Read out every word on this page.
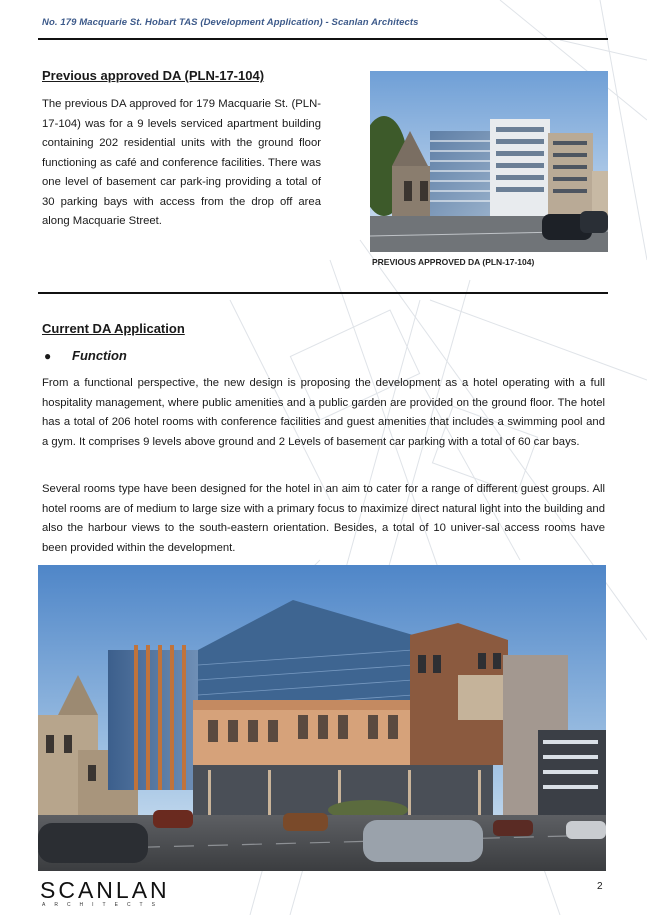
No. 179 Macquarie St. Hobart TAS (Development Application) - Scanlan Architects
Previous approved DA (PLN-17-104)
The previous DA approved for 179 Macquarie St. (PLN-17-104) was for a 9 levels serviced apartment building containing 202 residential units with the ground floor functioning as café and conference facilities. There was one level of basement car park-ing providing a total of 30 parking bays with access from the drop off area along Macquarie Street.
PREVIOUS APPROVED DA (PLN-17-104)
Current DA Application
●	Function
From a functional perspective, the new design is proposing the development as a hotel operating with a full hospitality management, where public amenities and a public garden are provided on the ground floor. The hotel has a total of 206 hotel rooms with conference facilities and guest amenities that includes a swimming pool and a gym. It comprises 9 levels above ground and 2 Levels of basement car parking with a total of 60 car bays.
Several rooms type have been designed for the hotel in an aim to cater for a range of different guest groups. All hotel rooms are of medium to large size with a primary focus to maximize direct natural light into the building and also the harbour views to the south-eastern orientation. Besides, a total of 10 univer-sal access rooms have been provided within the development.
SCANLAN
ARCHITECTS
2
